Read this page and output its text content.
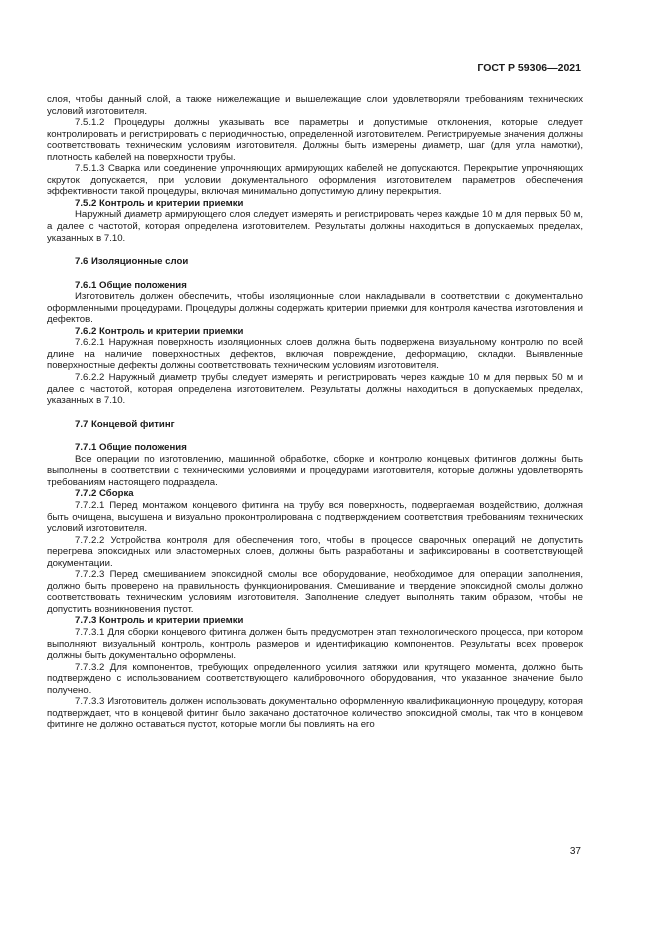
ГОСТ Р 59306—2021

слоя, чтобы данный слой, а также нижележащие и вышележащие слои удовлетворяли требованиям технических условий изготовителя.

7.5.1.2 Процедуры должны указывать все параметры и допустимые отклонения, которые следует контролировать и регистрировать с периодичностью, определенной изготовителем. Регистрируемые значения должны соответствовать техническим условиям изготовителя. Должны быть измерены диаметр, шаг (для угла намотки), плотность кабелей на поверхности трубы.

7.5.1.3 Сварка или соединение упрочняющих армирующих кабелей не допускаются. Перекрытие упрочняющих скруток допускается, при условии документального оформления изготовителем параметров обеспечения эффективности такой процедуры, включая минимально допустимую длину перекрытия.

7.5.2 Контроль и критерии приемки

Наружный диаметр армирующего слоя следует измерять и регистрировать через каждые 10 м для первых 50 м, а далее с частотой, которая определена изготовителем. Результаты должны находиться в допускаемых пределах, указанных в 7.10.

7.6 Изоляционные слои

7.6.1 Общие положения

Изготовитель должен обеспечить, чтобы изоляционные слои накладывали в соответствии с документально оформленными процедурами. Процедуры должны содержать критерии приемки для контроля качества изготовления и дефектов.

7.6.2 Контроль и критерии приемки

7.6.2.1 Наружная поверхность изоляционных слоев должна быть подвержена визуальному контролю по всей длине на наличие поверхностных дефектов, включая повреждение, деформацию, складки. Выявленные поверхностные дефекты должны соответствовать техническим условиям изготовителя.

7.6.2.2 Наружный диаметр трубы следует измерять и регистрировать через каждые 10 м для первых 50 м и далее с частотой, которая определена изготовителем. Результаты должны находиться в допускаемых пределах, указанных в 7.10.

7.7 Концевой фитинг

7.7.1 Общие положения

Все операции по изготовлению, машинной обработке, сборке и контролю концевых фитингов должны быть выполнены в соответствии с техническими условиями и процедурами изготовителя, которые должны удовлетворять требованиям настоящего подраздела.

7.7.2 Сборка

7.7.2.1 Перед монтажом концевого фитинга на трубу вся поверхность, подвергаемая воздействию, должная быть очищена, высушена и визуально проконтролирована с подтверждением соответствия требованиям технических условий изготовителя.

7.7.2.2 Устройства контроля для обеспечения того, чтобы в процессе сварочных операций не допустить перегрева эпоксидных или эластомерных слоев, должны быть разработаны и зафиксированы в соответствующей документации.

7.7.2.3 Перед смешиванием эпоксидной смолы все оборудование, необходимое для операции заполнения, должно быть проверено на правильность функционирования. Смешивание и твердение эпоксидной смолы должно соответствовать техническим условиям изготовителя. Заполнение следует выполнять таким образом, чтобы не допустить возникновения пустот.

7.7.3 Контроль и критерии приемки

7.7.3.1 Для сборки концевого фитинга должен быть предусмотрен этап технологического процесса, при котором выполняют визуальный контроль, контроль размеров и идентификацию компонентов. Результаты всех проверок должны быть документально оформлены.

7.7.3.2 Для компонентов, требующих определенного усилия затяжки или крутящего момента, должно быть подтверждено с использованием соответствующего калибровочного оборудования, что указанное значение было получено.

7.7.3.3 Изготовитель должен использовать документально оформленную квалификационную процедуру, которая подтверждает, что в концевой фитинг было закачано достаточное количество эпоксидной смолы, так что в концевом фитинге не должно оставаться пустот, которые могли бы повлиять на его

37
